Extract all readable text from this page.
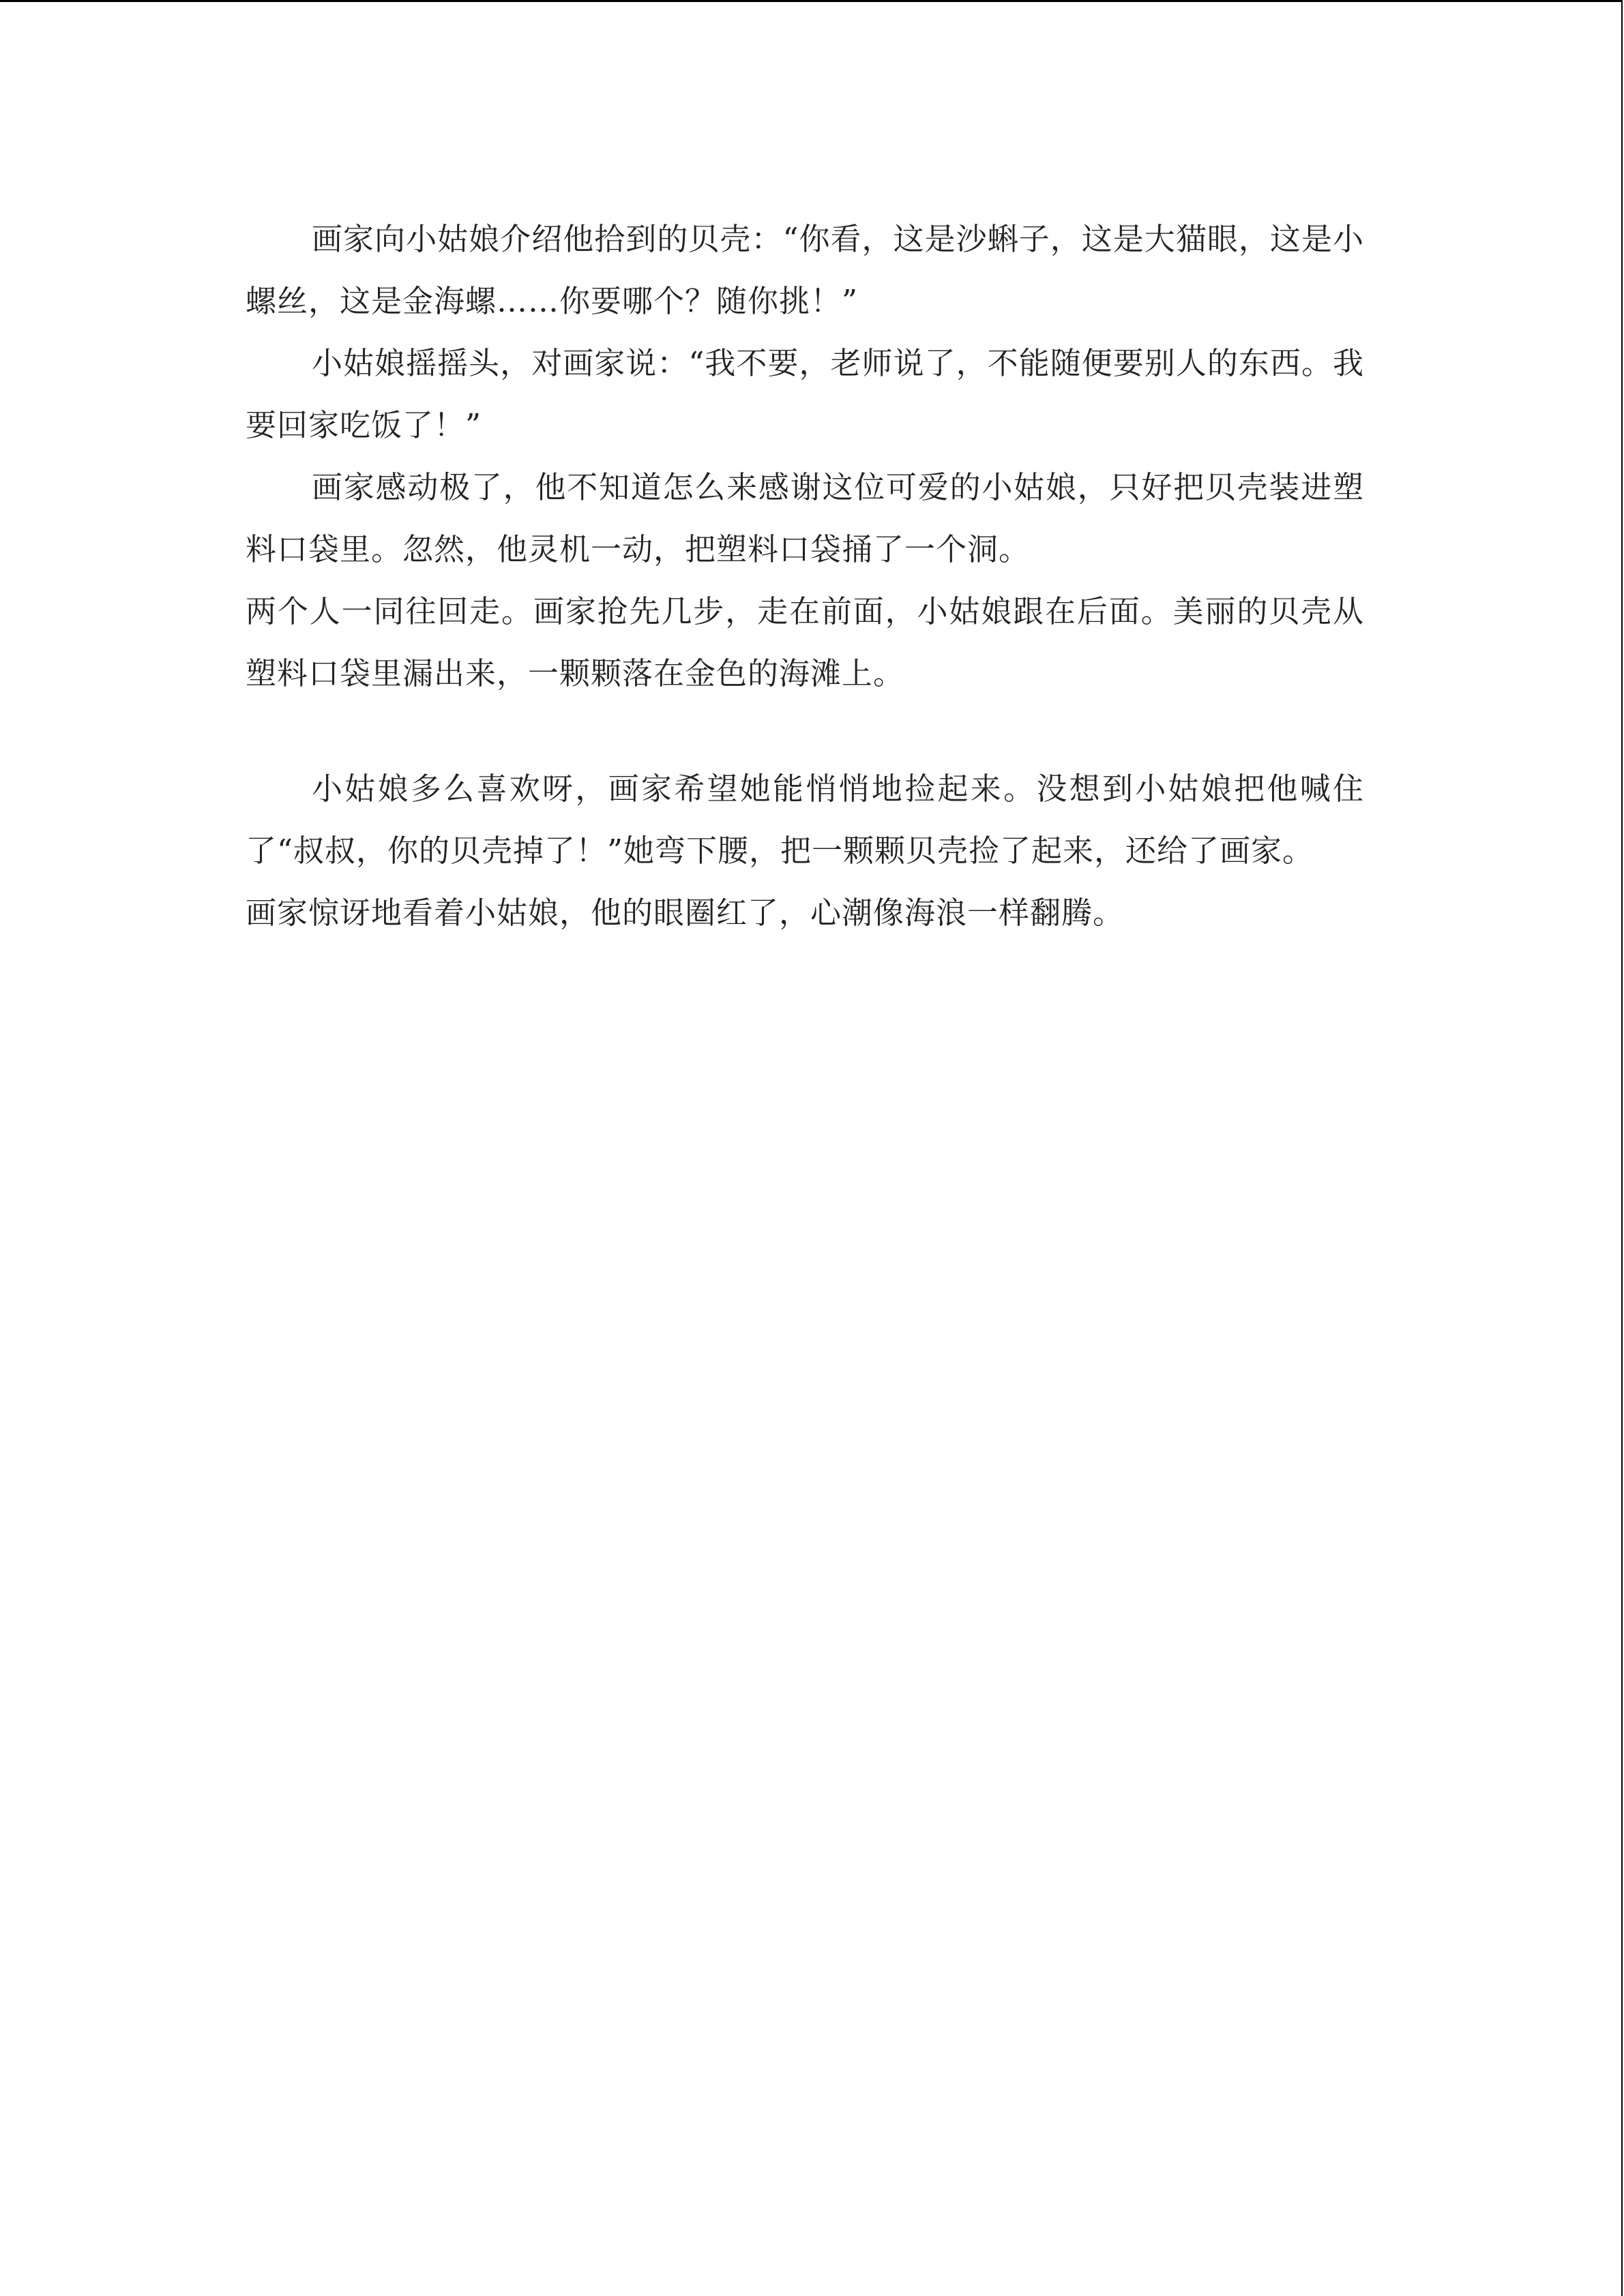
画家向小姑娘介绍他拾到的贝壳：“你看，这是沙蝌子，这是大猫眼，这是小螺丝，这是金海螺……你要哪个？随你挑！”

小姑娘摇摇头，对画家说：“我不要，老师说了，不能随便要别人的东西。我要回家吃饭了！”

画家感动极了，他不知道怎么来感谢这位可爱的小姑娘，只好把贝壳装进塑料口袋里。忽然，他灵机一动，把塑料口袋捅了一个洞。

两个人一同往回走。画家抢先几步，走在前面，小姑娘跟在后面。美丽的贝壳从塑料口袋里漏出来，一颗颗落在金色的海滩上。

小姑娘多么喜欢呀，画家希望她能悄悄地捡起来。没想到小姑娘把他喊住了“叔叔，你的贝壳掉了！”她弯下腰，把一颗颗贝壳捡了起来，还给了画家。

画家惊讶地看着小姑娘，他的眼圈红了，心潮像海浪一样翻腾。
